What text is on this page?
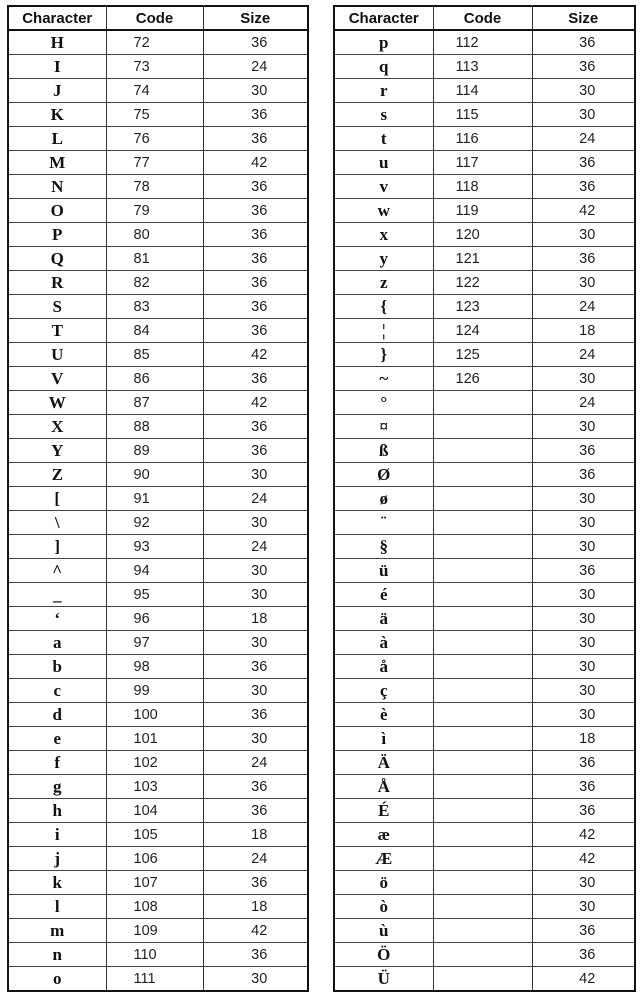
Character	Code	Size
H	72	36
I	73	24
J	74	30
K	75	36
L	76	36
M	77	42
N	78	36
O	79	36
P	80	36
Q	81	36
R	82	36
S	83	36
T	84	36
U	85	42
V	86	36
W	87	42
X	88	36
Y	89	36
Z	90	30
[	91	24
\	92	30
]	93	24
^	94	30
_	95	30
‘	96	18
a	97	30
b	98	36
c	99	30
d	100	36
e	101	30
f	102	24
g	103	36
h	104	36
i	105	18
j	106	24
k	107	36
l	108	18
m	109	42
n	110	36
o	111	30
Character	Code	Size
p	112	36
q	113	36
r	114	30
s	115	30
t	116	24
u	117	36
v	118	36
w	119	42
x	120	30
y	121	36
z	122	30
{	123	24
¦	124	18
}	125	24
~	126	30
°		24
¤		30
ß		36
Ø		36
ø		30
¨		30
§		30
ü		36
é		30
ä		30
à		30
å		30
ç		30
è		30
ì		18
Ä		36
Å		36
É		36
æ		42
Æ		42
ö		30
ò		30
ù		36
Ö		36
Ü		42
